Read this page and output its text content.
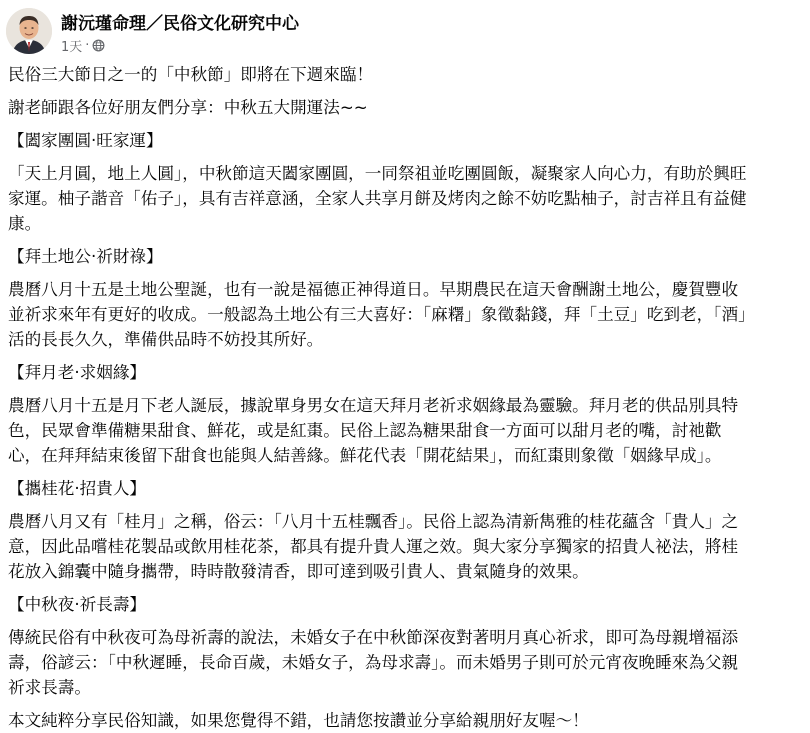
謝沅瑾命理／民俗文化研究中心
1天 ·
民俗三大節日之一的「中秋節」即將在下週來臨！
謝老師跟各位好朋友們分享：中秋五大開運法~~
【闔家團圓‧旺家運】
「天上月圓，地上人圓」，中秋節這天闔家團圓，一同祭祖並吃團圓飯，凝聚家人向心力，有助於興旺
家運。柚子諧音「佑子」，具有吉祥意涵，全家人共享月餅及烤肉之餘不妨吃點柚子，討吉祥且有益健
康。
【拜土地公‧祈財祿】
農曆八月十五是土地公聖誕，也有一說是福德正神得道日。早期農民在這天會酬謝土地公，慶賀豐收
並祈求來年有更好的收成。一般認為土地公有三大喜好：「麻糬」象徵黏錢，拜「土豆」吃到老，「酒」
活的長長久久，準備供品時不妨投其所好。
【拜月老‧求姻緣】
農曆八月十五是月下老人誕辰，據說單身男女在這天拜月老祈求姻緣最為靈驗。拜月老的供品別具特
色，民眾會準備糖果甜食、鮮花，或是紅棗。民俗上認為糖果甜食一方面可以甜月老的嘴，討祂歡
心，在拜拜結束後留下甜食也能與人結善緣。鮮花代表「開花結果」，而紅棗則象徵「姻緣早成」。
【攜桂花‧招貴人】
農曆八月又有「桂月」之稱，俗云：「八月十五桂飄香」。民俗上認為清新雋雅的桂花蘊含「貴人」之
意，因此品嚐桂花製品或飲用桂花茶，都具有提升貴人運之效。與大家分享獨家的招貴人祕法，將桂
花放入錦囊中隨身攜帶，時時散發清香，即可達到吸引貴人、貴氣隨身的效果。
【中秋夜‧祈長壽】
傳統民俗有中秋夜可為母祈壽的說法，未婚女子在中秋節深夜對著明月真心祈求，即可為母親增福添
壽，俗諺云：「中秋遲睡，長命百歲，未婚女子，為母求壽」。而未婚男子則可於元宵夜晚睡來為父親
祈求長壽。
本文純粹分享民俗知識，如果您覺得不錯，也請您按讚並分享給親朋好友喔～！
